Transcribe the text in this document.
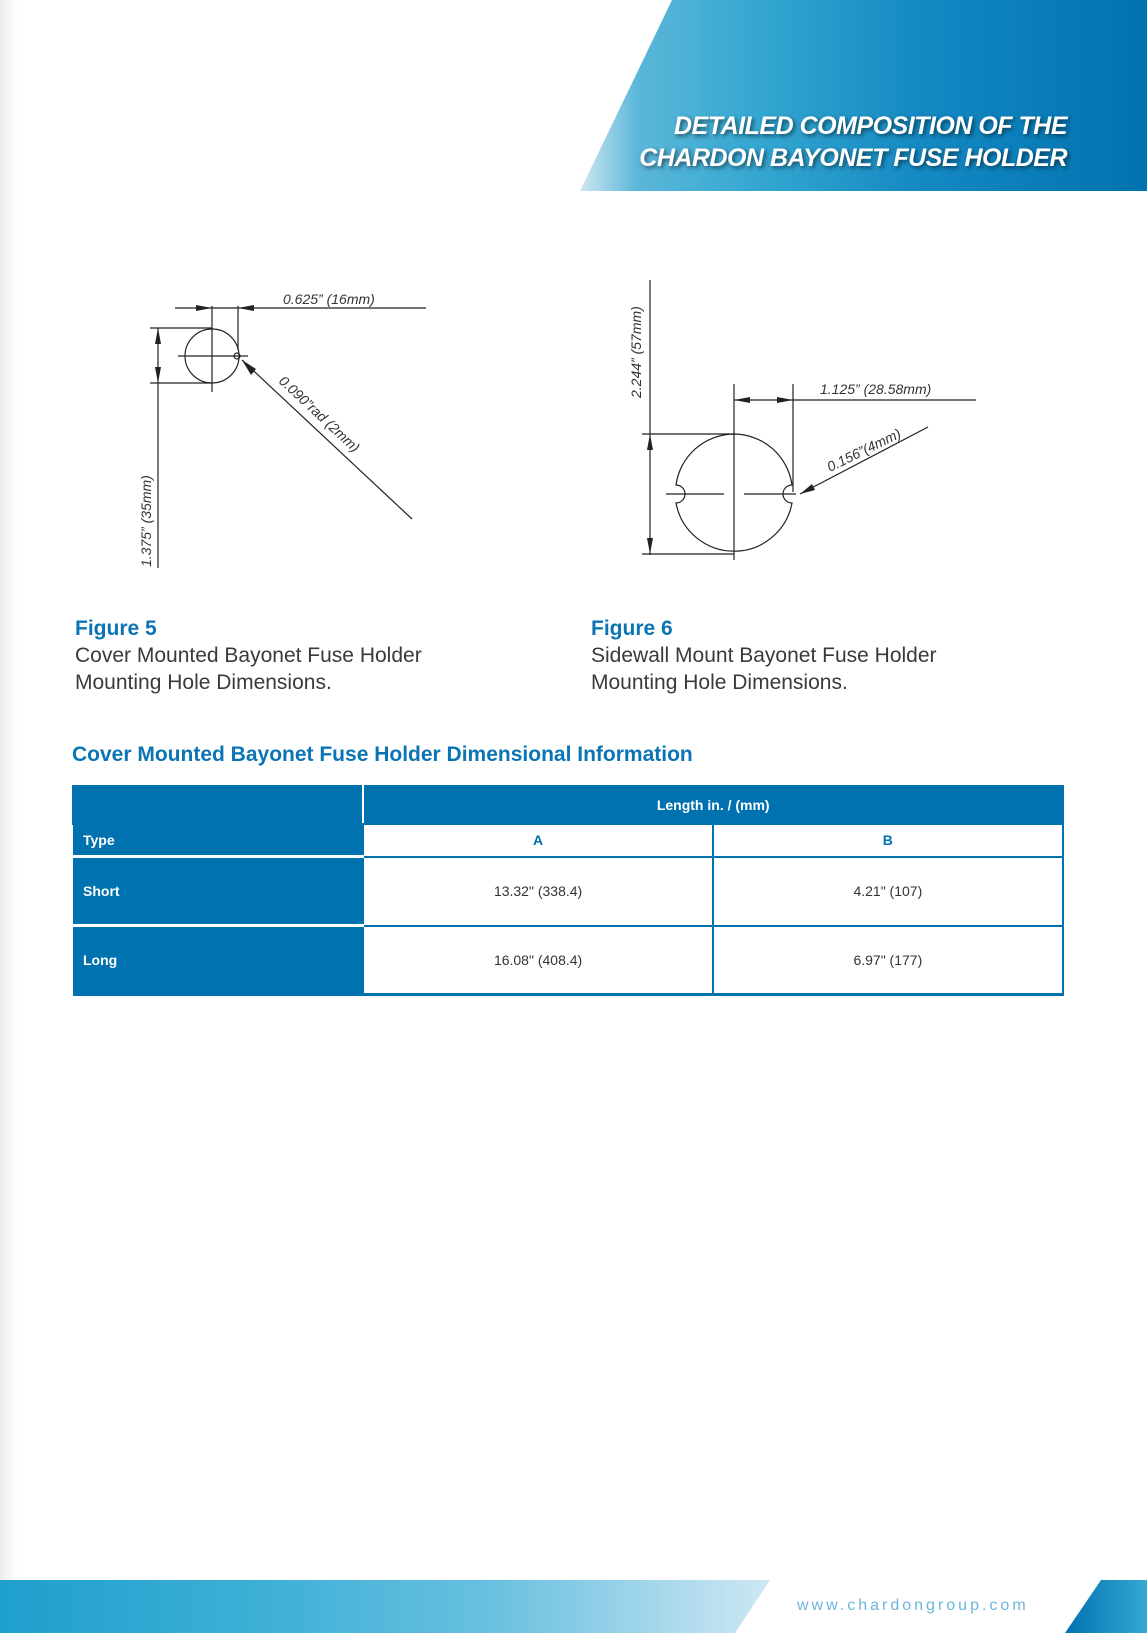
DETAILED COMPOSITION OF THE
CHARDON BAYONET FUSE HOLDER
0.625” (16mm)
0.090”rad (2mm)
1.375” (35mm)
2.244” (57mm)	1.125” (28.58mm)
0.156”(4mm)
Figure 5
Cover Mounted Bayonet Fuse Holder
Mounting Hole Dimensions.
Figure 6
Sidewall Mount Bayonet Fuse Holder
Mounting Hole Dimensions.
Cover Mounted Bayonet Fuse Holder Dimensional Information
	Length in. / (mm)	
Type	A	B
Short	13.32" (338.4)	4.21" (107)
Long	16.08" (408.4)	6.97" (177)
www.chardongroup.com
